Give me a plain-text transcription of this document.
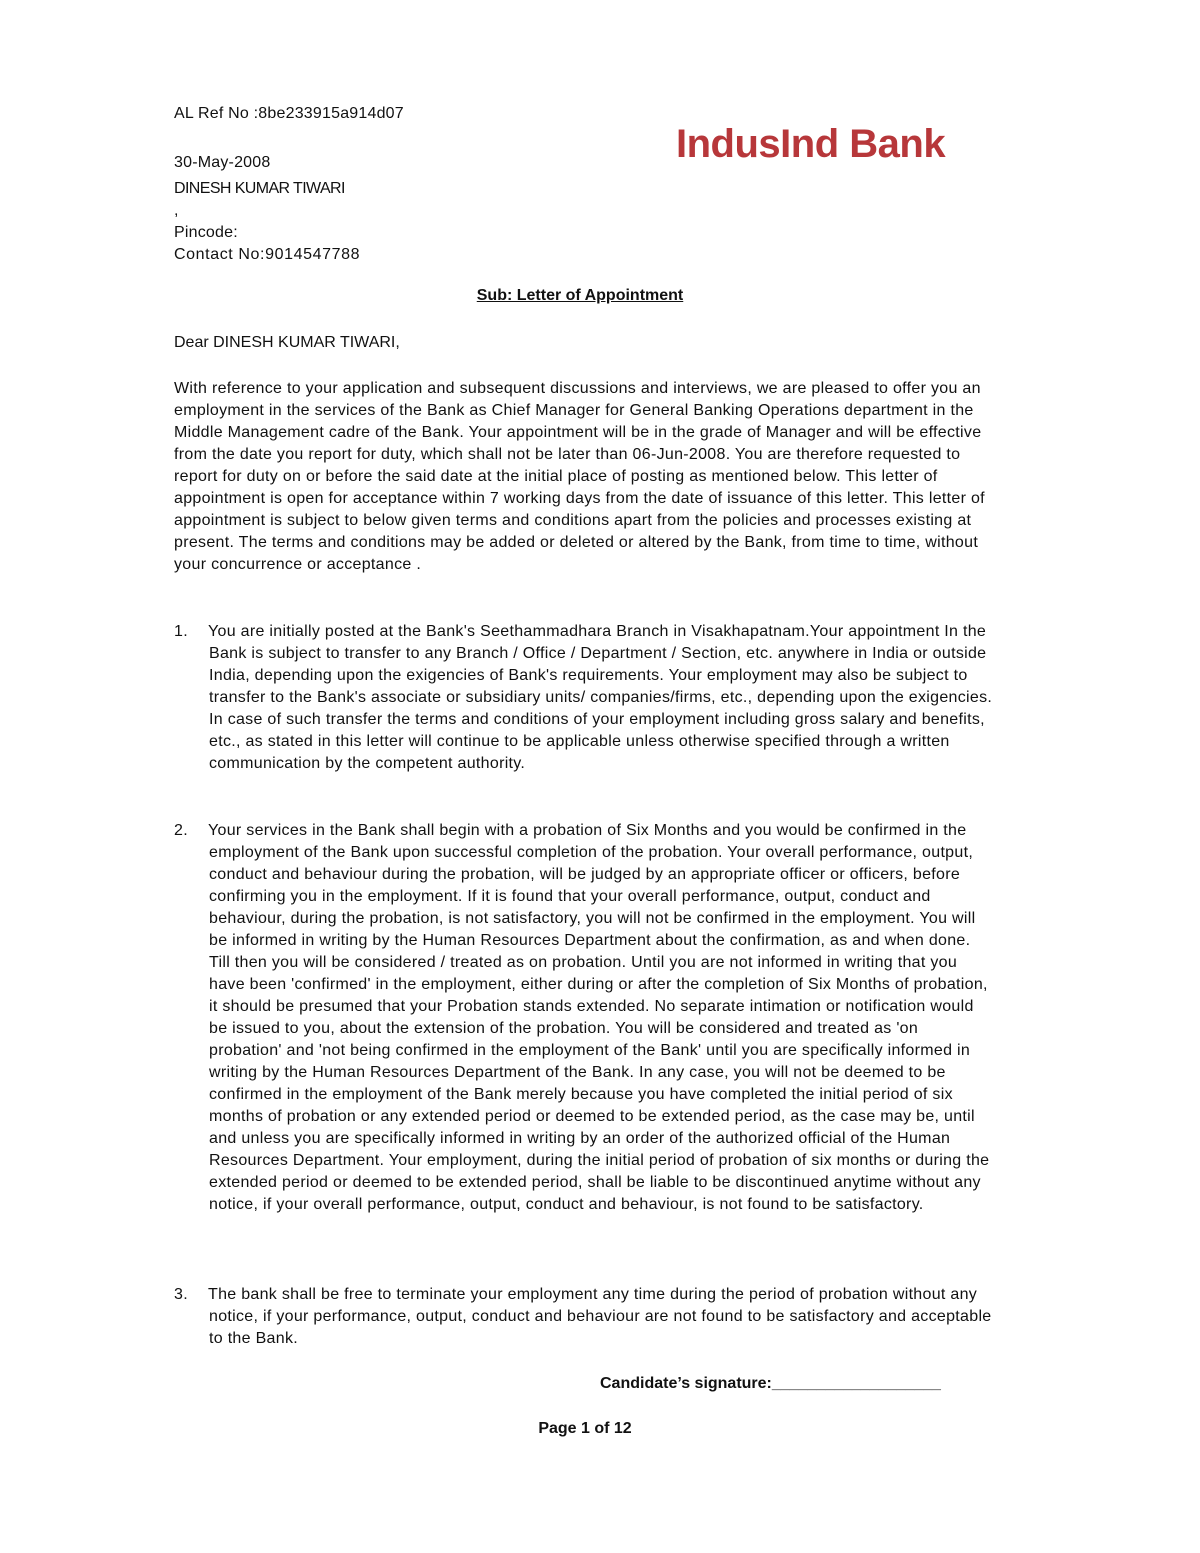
IndusInd Bank
AL Ref No :8be233915a914d07
30-May-2008
DINESH KUMAR TIWARI
,
Pincode:
Contact No:9014547788
Sub: Letter of Appointment
Dear DINESH KUMAR TIWARI,
With reference to your application and subsequent discussions and interviews, we are pleased to offer you an employment in the services of the Bank as Chief Manager for General Banking Operations department in the Middle Management cadre of the Bank. Your appointment will be in the grade of Manager and will be effective from the date you report for duty, which shall not be later than 06-Jun-2008. You are therefore requested to report for duty on or before the said date at the initial place of posting as mentioned below. This letter of appointment is open for acceptance within 7 working days from the date of issuance of this letter. This letter of appointment is subject to below given terms and conditions apart from the policies and processes existing at present. The terms and conditions may be added or deleted or altered by the Bank, from time to time, without your concurrence or acceptance .
1. You are initially posted at the Bank's Seethammadhara Branch in Visakhapatnam.Your appointment In the Bank is subject to transfer to any Branch / Office / Department / Section, etc. anywhere in India or outside India, depending upon the exigencies of Bank's requirements. Your employment may also be subject to transfer to the Bank's associate or subsidiary units/ companies/firms, etc., depending upon the exigencies. In case of such transfer the terms and conditions of your employment including gross salary and benefits, etc., as stated in this letter will continue to be applicable unless otherwise specified through a written communication by the competent authority.
2. Your services in the Bank shall begin with a probation of Six Months and you would be confirmed in the employment of the Bank upon successful completion of the probation. Your overall performance, output, conduct and behaviour during the probation, will be judged by an appropriate officer or officers, before confirming you in the employment. If it is found that your overall performance, output, conduct and behaviour, during the probation, is not satisfactory, you will not be confirmed in the employment. You will be informed in writing by the Human Resources Department about the confirmation, as and when done. Till then you will be considered / treated as on probation. Until you are not informed in writing that you have been 'confirmed' in the employment, either during or after the completion of Six Months of probation, it should be presumed that your Probation stands extended. No separate intimation or notification would be issued to you, about the extension of the probation. You will be considered and treated as 'on probation' and 'not being confirmed in the employment of the Bank' until you are specifically informed in writing by the Human Resources Department of the Bank. In any case, you will not be deemed to be confirmed in the employment of the Bank merely because you have completed the initial period of six months of probation or any extended period or deemed to be extended period, as the case may be, until and unless you are specifically informed in writing by an order of the authorized official of the Human Resources Department. Your employment, during the initial period of probation of six months or during the extended period or deemed to be extended period, shall be liable to be discontinued anytime without any notice, if your overall performance, output, conduct and behaviour, is not found to be satisfactory.
3. The bank shall be free to terminate your employment any time during the period of probation without any notice, if your performance, output, conduct and behaviour are not found to be satisfactory and acceptable to the Bank.
Candidate’s signature:___________________
Page 1 of 12
